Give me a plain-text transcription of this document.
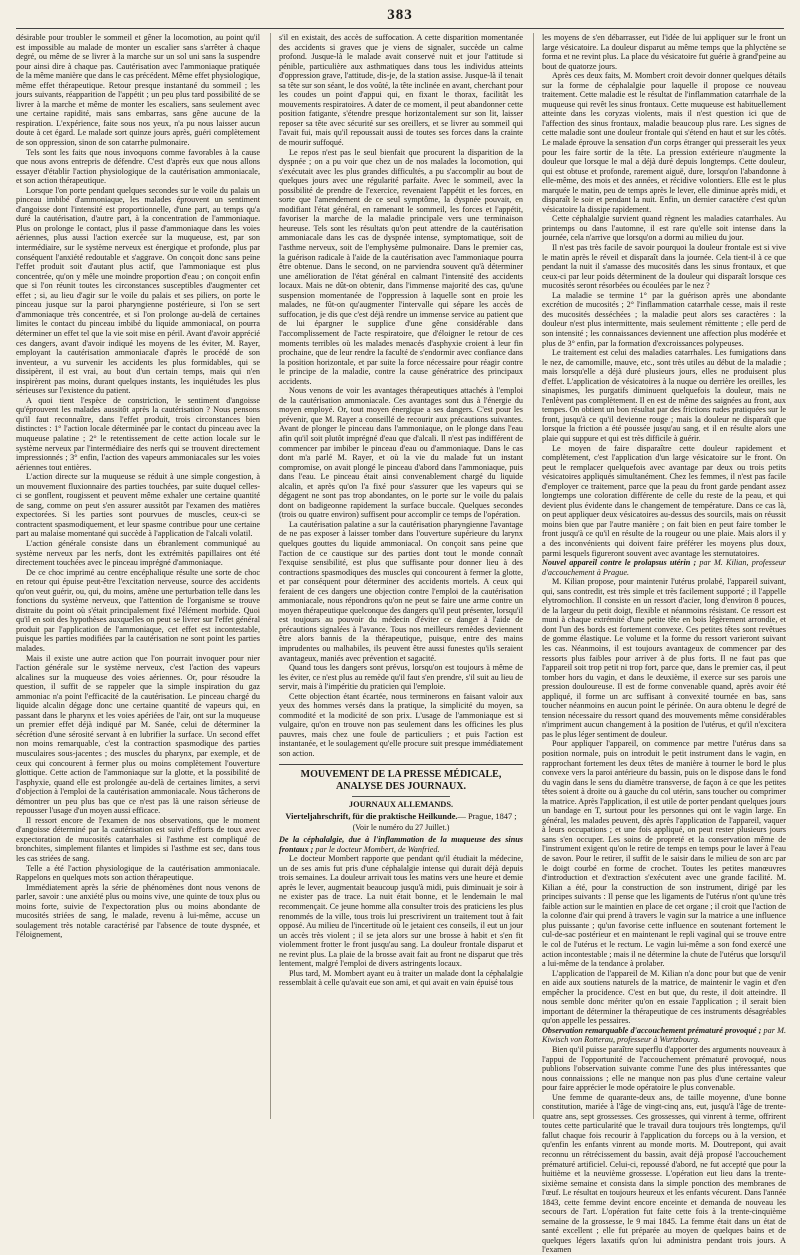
383

désirable pour troubler le sommeil et gêner la locomotion, au point qu'il est impossible au malade de monter un escalier sans s'arrêter à chaque degré, ou même de se livrer à la marche sur un sol uni sans la suspendre pour ainsi dire à chaque pas. Cautérisation avec l'ammoniaque pratiquée de la même manière que dans le cas précédent. Même effet physiologique, même effet thérapeutique. Retour presque instantané du sommeil ; les jours suivants, réapparition de l'appétit ; un peu plus tard possibilité de se livrer à la marche et même de monter les escaliers, sans seulement avec une certaine rapidité, mais sans embarras, sans gêne aucune de la respiration. L'expérience, faite sous nos yeux, n'a pu nous laisser aucun doute à cet égard. Le malade sort quinze jours après, guéri complètement de son oppression, sinon de son catarrhe pulmonaire.

Tels sont les faits que nous invoquons comme favorables à la cause que nous avons entrepris de défendre. C'est d'après eux que nous allons essayer d'établir l'action physiologique de la cautérisation ammoniacale, et son action thérapeutique.

Lorsque l'on porte pendant quelques secondes sur le voile du palais un pinceau imbibé d'ammoniaque, les malades éprouvent un sentiment d'angoisse dont l'intensité est proportionnelle, d'une part, au temps qu'a duré la cautérisation, d'autre part, à la concentration de l'ammoniaque. Plus on prolonge le contact, plus il passe d'ammoniaque dans les voies aériennes, plus aussi l'action exercée sur la muqueuse, est, par son intermédiaire, sur le système nerveux est énergique et profonde, plus par conséquent l'anxiété redoutable et s'aggrave. On conçoit donc sans peine l'effet produit soit d'autant plus actif, que l'ammoniaque est plus concentrée, qu'on y mêle une moindre proportion d'eau ; on conçoit enfin que si l'on réunit toutes les circonstances susceptibles d'augmenter cet effet ; si, au lieu d'agir sur le voile du palais et ses piliers, on porte le pinceau jusque sur la paroi pharyngienne postérieure, si l'on se sert d'ammoniaque très concentrée, et si l'on prolonge au-delà de certaines limites le contact du pinceau imbibé du liquide ammoniacal, on pourra déterminer un effet tel que la vie soit mise en péril. Avant d'avoir apprécié ces dangers, avant d'avoir indiqué les moyens de les éviter, M. Rayer, employant la cautérisation ammoniacale d'après le procédé de son inventeur, a vu survenir les accidents les plus formidables, qui se dissipèrent, il est vrai, au bout d'un certain temps, mais qui n'en inspirèrent pas moins, durant quelques instants, les inquiétudes les plus sérieuses sur l'existence du patient.

A quoi tient l'espèce de constriction, le sentiment d'angoisse qu'éprouvent les malades aussitôt après la cautérisation ? Nous pensons qu'il faut reconnaître, dans l'effet produit, trois circonstances bien distinctes : 1° l'action locale déterminée par le contact du pinceau avec la muqueuse palatine ; 2° le retentissement de cette action locale sur le système nerveux par l'intermédiaire des nerfs qui se trouvent directement impressionnés ; 3° enfin, l'action des vapeurs ammoniacales sur les voies aériennes tout entières.

L'action directe sur la muqueuse se réduit à une simple congestion, à un mouvement fluxionnaire des parties touchées, par suite duquel celles-ci se gonflent, rougissent et peuvent même exhaler une certaine quantité de sang, comme on peut s'en assurer aussitôt par l'examen des matières expectorées. Si les parties sont pourvues de muscles, ceux-ci se contractent spasmodiquement, et leur spasme contribue pour une certaine part au malaise momentané qui succède à l'application de l'alcali volatil.

L'action générale consiste dans un ébranlement communiqué au système nerveux par les nerfs, dont les extrémités papillaires ont été directement touchées avec le pinceau imprégné d'ammoniaque.

De ce choc imprimé au centre encéphalique résulte une sorte de choc en retour qui épuise peut-être l'excitation nerveuse, source des accidents qu'on veut guérir, ou, qui, du moins, amène une perturbation telle dans les fonctions du système nerveux, que l'attention de l'organisme se trouve distraite du point où s'était principalement fixé l'élément morbide. Quoi qu'il en soit des hypothèses auxquelles on peut se livrer sur l'effet général produit par l'application de l'ammoniaque, cet effet est incontestable, puisque les parties modifiées par la cautérisation ne sont point les parties malades.

Mais il existe une autre action que l'on pourrait invoquer pour nier l'action générale sur le système nerveux, c'est l'action des vapeurs alcalines sur la muqueuse des voies aériennes. Or, pour résoudre la question, il suffit de se rappeler que la simple inspiration du gaz ammoniac n'a point l'efficacité de la cautérisation. Le pinceau chargé du liquide alcalin dégage donc une certaine quantité de vapeurs qui, en passant dans le pharynx et les voies apériées de l'air, ont sur la muqueuse un premier effet déjà indiqué par M. Sanée, celui de déterminer la sécrétion d'une sérosité servant à en lubrifier la surface. Un second effet non moins remarquable, c'est la contraction spasmodique des parties musculaires sous-jacentes ; des muscles du pharynx, par exemple, et de ceux qui concourent à fermer plus ou moins complètement l'ouverture glottique. Cette action de l'ammoniaque sur la glotte, et la possibilité de l'asphyxie, quand elle est prolongée au-delà de certaines limites, a servi d'objection à l'emploi de la cautérisation ammoniacale. Nous tâcherons de démontrer un peu plus bas que ce n'est pas là une raison sérieuse de repousser l'usage d'un moyen aussi efficace.

Il ressort encore de l'examen de nos observations, que le moment d'angoisse déterminé par la cautérisation est suivi d'efforts de toux avec expectoration de mucosités catarrhales si l'asthme est compliqué de bronchites, simplement filantes et limpides si l'asthme est sec, dans tous les cas striées de sang.

Telle a été l'action physiologique de la cautérisation ammoniacale. Rappelons en quelques mots son action thérapeutique.

Immédiatement après la série de phénomènes dont nous venons de parler, savoir : une anxiété plus ou moins vive, une quinte de toux plus ou moins forte, suivie de l'expectoration plus ou moins abondante de mucosités striées de sang, le malade, revenu à lui-même, accuse un soulagement très notable caractérisé par l'absence de toute dyspnée, et l'éloignement,

s'il en existait, des accès de suffocation. A cette disparition momentanée des accidents si graves que je viens de signaler, succède un calme profond. Jusque-là le malade avait conservé nuit et jour l'attitude si pénible, particulière aux asthmatiques dans tous les individus atteints d'oppression grave, l'attitude, dis-je, de la station assise. Jusque-là il tenait sa tête sur son séant, le dos voûté, la tête inclinée en avant, cherchant pour les coudes un point d'appui qui, en fixant le thorax, facilitât les mouvements respiratoires. A dater de ce moment, il peut abandonner cette position fatigante, s'étendre presque horizontalement sur son lit, laisser reposer sa tête avec sécurité sur ses oreillers, et se livrer au sommeil qui l'avait fui, mais qu'il repoussait aussi de toutes ses forces dans la crainte de mourir suffoqué.

Le repos n'est pas le seul bienfait que procurent la disparition de la dyspnée ; on a pu voir que chez un de nos malades la locomotion, qui s'exécutait avec les plus grandes difficultés, a pu s'accomplir au bout de quelques jours avec une régularité parfaite. Avec le sommeil, avec la possibilité de prendre de l'exercice, revenaient l'appétit et les forces, en sorte que l'amendement de ce seul symptôme, la dyspnée pouvait, en modifiant l'état général, en ramenant le sommeil, les forces et l'appétit, favoriser la marche de la maladie principale vers une terminaison heureuse. Tels sont les résultats qu'on peut attendre de la cautérisation ammoniacale dans les cas de dyspnée intense, symptomatique, soit de l'asthme nerveux, soit de l'emphysème pulmonaire. Dans le premier cas, la guérison radicale à l'aide de la cautérisation avec l'ammoniaque pourra être obtenue. Dans le second, on ne parviendra souvent qu'à déterminer une amélioration de l'état général en calmant l'intensité des accidents locaux. Mais ne dût-on obtenir, dans l'immense majorité des cas, qu'une suspension momentanée de l'oppression à laquelle sont en proie les malades, ne fût-on qu'augmenter l'intervalle qui sépare les accès de suffocation, je dis que c'est déjà rendre un immense service au patient que de lui épargner le supplice d'une gêne considérable dans l'accomplissement de l'acte respiratoire, que d'éloigner le retour de ces moments terribles où les malades menacés d'asphyxie croient à leur fin prochaine, que de leur rendre la faculté de s'endormir avec confiance dans la position horizontale, et par suite la force nécessaire pour réagir contre le principe de la maladie, contre la cause génératrice des principaux accidents.

Nous venons de voir les avantages thérapeutiques attachés à l'emploi de la cautérisation ammoniacale. Ces avantages sont dus à l'énergie du moyen employé. Or, tout moyen énergique a ses dangers. C'est pour les prévenir, que M. Rayer a conseillé de recourir aux précautions suivantes. Avant de plonger le pinceau dans l'ammoniaque, on le plonge dans l'eau afin qu'il soit plutôt imprégné d'eau que d'alcali. Il n'est pas indifférent de commencer par imbiber le pinceau d'eau ou d'ammoniaque. Dans le cas dont m'a parlé M. Rayer, et où la vie du malade fut un instant compromise, on avait plongé le pinceau d'abord dans l'ammoniaque, puis dans l'eau. Le pinceau était ainsi convenablement chargé du liquide alcalin, et après qu'on l'a fixé pour s'assurer que les vapeurs qui se dégagent ne sont pas trop abondantes, on le porte sur le voile du palais dont on badigeonne rapidement la surface buccale. Quelques secondes (trois ou quatre environ) suffisent pour accomplir ce temps de l'opération.

La cautérisation palatine a sur la cautérisation pharyngienne l'avantage de ne pas exposer à laisser tomber dans l'ouverture supérieure du larynx quelques gouttes du liquide ammoniacal. On conçoit sans peine que l'action de ce caustique sur des parties dont tout le monde connaît l'exquise sensibilité, est plus que suffisante pour donner lieu à des contractions spasmodiques des muscles qui concourent à fermer la glotte, et par conséquent pour déterminer des accidents mortels. A ceux qui feraient de ces dangers une objection contre l'emploi de la cautérisation ammoniacale, nous répondrons qu'on ne peut se faire une arme contre un moyen thérapeutique quelconque des dangers qu'il peut présenter, lorsqu'il est toujours au pouvoir du médecin d'éviter ce danger à l'aide de précautions signalées à l'avance. Tous nos meilleurs remèdes deviennent être alors bannis de la thérapeutique, puisque, entre des mains imprudentes ou malhabiles, ils peuvent être aussi funestes qu'ils seraient avantageux, maniés avec prévention et sagacité.

Quand tous les dangers sont prévus, lorsqu'on est toujours à même de les éviter, ce n'est plus au remède qu'il faut s'en prendre, s'il suit au lieu de servir, mais à l'impéritie du praticien qui l'emploie.

Cette objection étant écartée, nous terminerons en faisant valoir aux yeux des hommes versés dans la pratique, la simplicité du moyen, sa commodité et la modicité de son prix. L'usage de l'ammoniaque est si vulgaire, qu'on en trouve non pas seulement dans les officines les plus pauvres, mais chez une foule de particuliers ; et puis l'action est instantanée, et le soulagement qu'elle procure suit presque immédiatement son action.

MOUVEMENT DE LA PRESSE MÉDICALE, ANALYSE DES JOURNAUX.
JOURNAUX ALLEMANDS.
Vierteljahrschrift, für die praktische Heilkunde.— Prague, 1847 ;
(Voir le numéro du 27 Juillet.)

De la céphalalgie, due à l'inflammation de la muqueuse des sinus frontaux ; par le docteur Mombert, de Wanfried.

Le docteur Mombert rapporte que pendant qu'il étudiait la médecine, un de ses amis fut pris d'une céphalalgie intense qui durait déjà depuis trois semaines. La douleur arrivait tous les matins vers une heure et demie après le lever, augmentait beaucoup jusqu'à midi, puis diminuait je soir à ne exister pas de trace. La nuit était bonne, et le lendemain le mal recommençait. Ce jeune homme alla consulter trois des praticiens les plus renommés de la ville, tous trois lui prescrivirent un traitement tout à fait opposé. Au milieu de l'incertitude où le jetaient ces conseils, il eut un jour un accès très violent ; il se jeta alors sur une brosse à habit et s'en fit violemment frotter le front jusqu'au sang. La douleur frontale disparut et ne revint plus. La plaie de la brosse avait fait au front ne disparut que très lentement, malgré l'emploi de divers astringents locaux.

Plus tard, M. Mombert ayant eu à traiter un malade dont la céphalalgie ressemblait à celle qu'avait eue son ami, et qui avait en vain épuisé tous

les moyens de s'en débarrasser, eut l'idée de lui appliquer sur le front un large vésicatoire. La douleur disparut au même temps que la phlyctène se forma et ne revint plus. La place du vésicatoire fut guérie à grand'peine au bout de quatorze jours.

Après ces deux faits, M. Mombert croit devoir donner quelques détails sur la forme de céphalalgie pour laquelle il propose ce nouveau traitement. Cette maladie est le résultat de l'inflammation catarrhale de la muqueuse qui revêt les sinus frontaux. Cette muqueuse est habituellement atteinte dans les coryzas violents, mais il n'est question ici que de l'affection des sinus frontaux, maladie beaucoup plus rare. Les signes de cette maladie sont une douleur frontale qui s'étend en haut et sur les côtés. Le malade éprouve la sensation d'un corps étranger qui presserait les yeux pour les faire sortir de la tête. La pression extérieure n'augmente la douleur que lorsque le mal a déjà duré depuis longtemps. Cette douleur, qui est obtuse et profonde, rarement aiguë, dure, lorsqu'on l'abandonne à elle-même, des mois et des années, et récidive volontiers. Elle est le plus marquée le matin, peu de temps après le lever, elle diminue après midi, et disparaît le soir et pendant la nuit. Enfin, un dernier caractère c'est qu'un vésicatoire la dissipe rapidement.

Cette céphalalgie survient quand règnent les maladies catarrhales. Au printemps ou dans l'automne, il est rare qu'elle soit intense dans la journée, cela n'arrive que lorsqu'on a dormi au milieu du jour.

Il n'est pas très facile de savoir pourquoi la douleur frontale est si vive le matin après le réveil et disparaît dans la journée. Cela tient-il à ce que pendant la nuit il s'amasse des mucosités dans les sinus frontaux, et que ceux-ci par leur poids déterminent de la douleur qui disparaît lorsque ces mucosités seront résorbées ou écoulées par le nez ?

La maladie se termine 1° par la guérison après une abondante excrétion de mucosités ; 2° l'inflammation catarrhale cesse, mais il reste des mucosités desséchées ; la maladie peut alors ses caractères : la douleur n'est plus intermittente, mais seulement rémittente ; elle perd de son intensité ; les connaissances deviennent une affection plus modérée et plus de 3° enfin, par la formation d'excroissances polypeuses.

Le traitement est celui des maladies catarrhales. Les fumigations dans le nez, de camomille, mauve, etc., sont très utiles au début de la maladie ; mais lorsqu'elle a déjà duré plusieurs jours, elles ne produisent plus d'effet. L'application de vésicatoires à la nuque ou derrière les oreilles, les sinapismes, les purgatifs diminuent quelquefois la douleur, mais ne l'enlèvent pas complètement. Il en est de même des saignées au front, aux tempes. On obtient un bon résultat par des frictions rudes pratiquées sur le front, jusqu'à ce qu'il devienne rouge ; mais la douleur ne disparaît que lorsque la friction a été poussée jusqu'au sang, et il en résulte alors une plaie qui suppure et qui est très difficile à guérir.

Le moyen de faire disparaître cette douleur rapidement et complètement, c'est l'application d'un large vésicatoire sur le front. On peut le remplacer quelquefois avec avantage par deux ou trois petits vésicatoires appliqués simultanément. Chez les femmes, il n'est pas facile d'employer ce traitement, parce que la peau du front garde pendant assez longtemps une coloration différente de celle du reste de la peau, et qui devient plus évidente dans le changement de température. Dans ce cas là, on peut appliquer deux vésicatoires au-dessus des sourcils, mais on réussit moins bien que par l'autre manière ; on fait bien en peut faire tomber le front jusqu'à ce qu'il en résulte de la rougeur ou une plaie. Mais alors il y a des inconvénients qui doivent faire préférer les moyens plus doux, parmi lesquels figureront souvent avec avantage les sternutatoires.

Nouvel appareil contre le prolapsus utérin ; par M. Kilian, professeur d'accouchement à Prague.

M. Kilian propose, pour maintenir l'utérus prolabé, l'appareil suivant, qui, sans contredit, est très simple et très facilement supporté ; il l'appelle elytromochlion. Il consiste en un ressort d'acier, long d'environ 8 pouces, de la largeur du petit doigt, flexible et néanmoins résistant. Ce ressort est muni à chaque extrémité d'une petite tête en bois légèrement arrondie, et dont l'un des bords est fortement convexe. Ces petites têtes sont revêtues de gomme élastique. Le volume et la forme du ressort varieront suivant les cas. Néanmoins, il est toujours avantageux de commencer par des ressorts plus faibles pour arriver à de plus forts. Il ne faut pas que l'appareil soit trop petit ni trop fort, parce que, dans le premier cas, il peut tomber hors du vagin, et dans le deuxième, il exerce sur ses parois une pression douloureuse. Il est de forme convenable quand, après avoir été appliqué, il forme un arc suffisant à convexité tournée en bas, sans toucher néanmoins en aucun point le périnée. On aura obtenu le degré de tension nécessaire du ressort quand des mouvements même considérables n'impriment aucun changement à la position de l'utérus, et qu'il n'excitera pas le plus léger sentiment de douleur.

Pour appliquer l'appareil, on commence par mettre l'utérus dans sa position normale, puis on introduit le petit instrument dans le vagin, en rapprochant fortement les deux têtes de manière à tourner le bord le plus convexe vers la paroi antérieure du bassin, puis on le dispose dans le fond du vagin dans le sens du diamètre transverse, de façon à ce que les petites têtes soient à droite ou à gauche du col utérin, sans toucher ou comprimer la matrice. Après l'application, il est utile de porter pendant quelques jours un bandage en T, surtout pour les personnes qui ont le vagin large. En général, les malades peuvent, dès après l'application de l'appareil, vaquer à leurs occupations ; et une fois appliqué, on peut rester plusieurs jours sans s'en occuper. Les soins de propreté et la conservation même de l'instrument exigent qu'on le retire de temps en temps pour le laver à l'eau de savon. Pour le retirer, il suffit de le saisir dans le milieu de son arc par le doigt courbé en forme de crochet. Toutes les petites manœuvres d'introduction et d'extraction s'exécutent avec une grande facilité. M. Kilian a été, pour la construction de son instrument, dirigé par les principes suivants : Il pense que les ligaments de l'utérus n'ont qu'une très faible action sur le maintien en place de cet organe ; il croit que l'action de la colonne d'air qui prend à travers le vagin sur la matrice a une influence plus puissante ; qu'un favorise cette influence en soutenant fortement le cul-de-sac postérieur et en maintenant le repli vaginal qui se trouve entre le col de l'utérus et le rectum. Le vagin lui-même a son fond exercé une action incontestable ; mais il ne détermine la chute de l'utérus que lorsqu'il a lui-même de la tendance à prolaber.

L'application de l'appareil de M. Kilian n'a donc pour but que de venir en aide aux soutiens naturels de la matrice, de maintenir le vagin et d'en empêcher la procidence. C'est en but que, du reste, il doit atteindre. Il nous semble donc mériter qu'on en essaie l'application ; il serait bien important de déterminer la thérapeutique de ces instruments désagréables qu'on appelle les pessaires.

Observation remarquable d'accouchement prématuré provoqué ; par M. Kiwisch von Rotterau, professeur à Wurtzbourg.

Bien qu'il puisse paraître superflu d'apporter des arguments nouveaux à l'appui de l'opportunité de l'accouchement prématuré provoqué, nous publions l'observation suivante comme l'une des plus intéressantes que nous connaissions ; elle ne manque non pas plus d'une certaine valeur pour faire apprécier le mode opératoire le plus convenable.

Une femme de quarante-deux ans, de taille moyenne, d'une bonne constitution, mariée à l'âge de vingt-cinq ans, eut, jusqu'à l'âge de trente-quatre ans, sept grossesses. Ces grossesses, qui vinrent à terme, offrirent toutes cette particularité que le travail dura toujours très longtemps, qu'il fallut chaque fois recourir à l'application du forceps ou à la version, et qu'enfin les enfants vinrent au monde morts. M. Doutrepont, qui avait reconnu un rétrécissement du bassin, avait déjà proposé l'accouchement prématuré artificiel. Celui-ci, repoussé d'abord, ne fut accepté que pour la huitième et la neuvième grossesse. L'opération eut lieu dans la trente-sixième semaine et consista dans la simple ponction des membranes de l'œuf. Le résultat en toujours heureux et les enfants vécurent. Dans l'année 1843, cette femme devint encore enceinte et demanda de nouveau les secours de l'art. L'opération fut faite cette fois à la trente-cinquième semaine de la grossesse, le 9 mai 1845. La femme était dans un état de santé excellent ; elle fut préparée au moyen de quelques bains et de quelques légers laxatifs qu'on lui administra pendant trois jours. A l'examen
